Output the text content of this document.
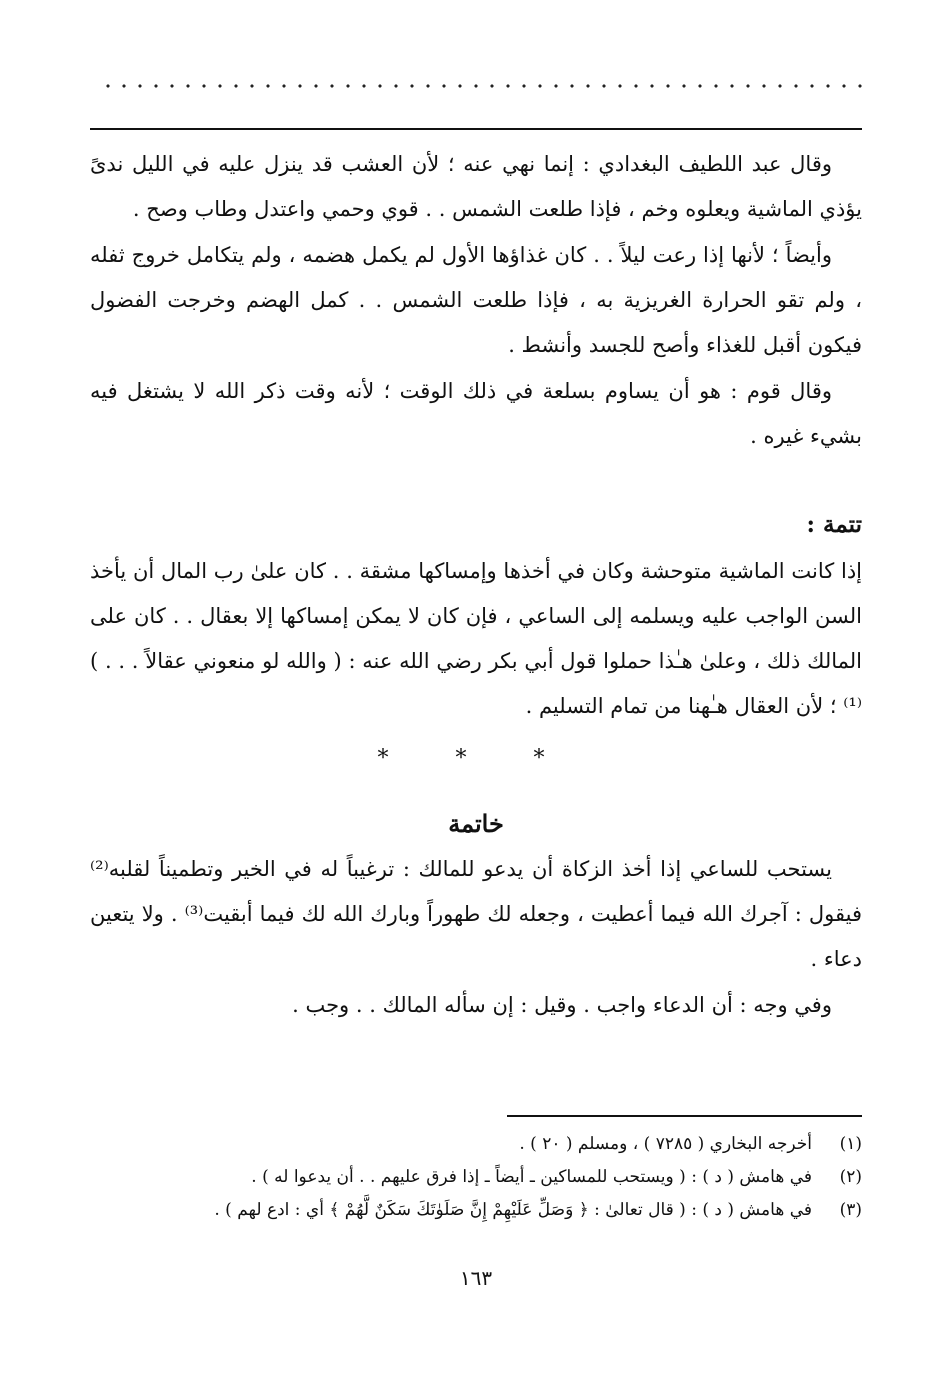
وقال عبد اللطيف البغدادي : إنما نهي عنه ؛ لأن العشب قد ينزل عليه في الليل ندىً يؤذي الماشية ويعلوه وخم ، فإذا طلعت الشمس . . قوي وحمي واعتدل وطاب وصح .

وأيضاً ؛ لأنها إذا رعت ليلاً . . كان غذاؤها الأول لم يكمل هضمه ، ولم يتكامل خروج ثفله ، ولم تقو الحرارة الغريزية به ، فإذا طلعت الشمس . . كمل الهضم وخرجت الفضول فيكون أقبل للغذاء وأصح للجسد وأنشط .

وقال قوم : هو أن يساوم بسلعة في ذلك الوقت ؛ لأنه وقت ذكر الله لا يشتغل فيه بشيء غيره .

تتمة :

إذا كانت الماشية متوحشة وكان في أخذها وإمساكها مشقة . . كان علىٰ رب المال أن يأخذ السن الواجب عليه ويسلمه إلى الساعي ، فإن كان لا يمكن إمساكها إلا بعقال . . كان على المالك ذلك ، وعلىٰ هـٰذا حملوا قول أبي بكر رضي الله عنه : ( والله لو منعوني عقالاً . . . )⁽¹⁾ ؛ لأن العقال هـٰهنا من تمام التسليم .

* * *
خاتمة

يستحب للساعي إذا أخذ الزكاة أن يدعو للمالك : ترغيباً له في الخير وتطميناً لقلبه⁽²⁾ فيقول : آجرك الله فيما أعطيت ، وجعله لك طهوراً وبارك الله لك فيما أبقيت⁽³⁾ . ولا يتعين دعاء .

وفي وجه : أن الدعاء واجب . وقيل : إن سأله المالك . . وجب .

(١)
أخرجه البخاري ( ٧٢٨٥ ) ، ومسلم ( ٢٠ ) .
(٢)
في هامش ( د ) : ( ويستحب للمساكين ـ أيضاً ـ إذا فرق عليهم . . أن يدعوا له ) .
(٣)
في هامش ( د ) : ( قال تعالىٰ : ﴿ وَصَلِّ عَلَيْهِمْ إِنَّ صَلَوٰتَكَ سَكَنٌ لَّهُمْ ﴾ أي : ادع لهم ) .
١٦٣
